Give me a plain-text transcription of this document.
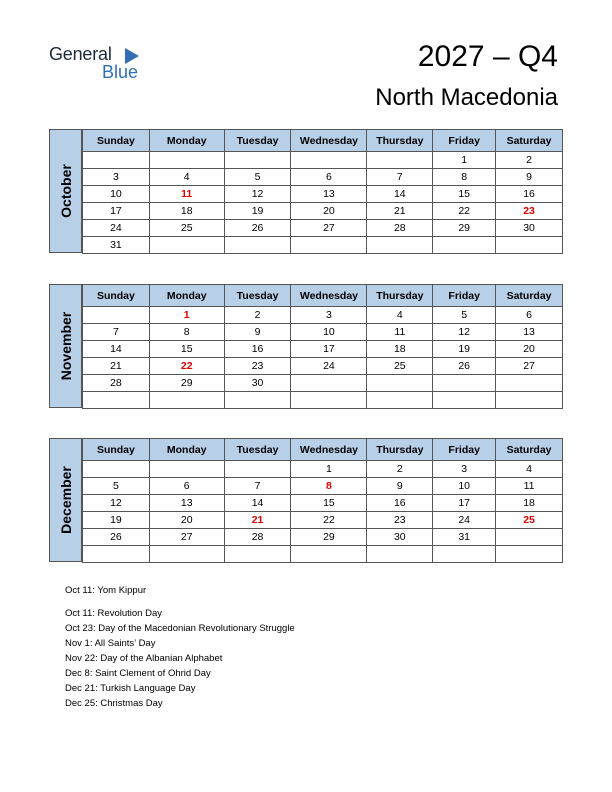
General
Blue	2027 – Q4
North Macedonia
October
Sunday	Monday	Tuesday	Wednesday	Thursday	Friday	Saturday
					1	2
3	4	5	6	7	8	9
10	11	12	13	14	15	16
17	18	19	20	21	22	23
24	25	26	27	28	29	30
31						
November
Sunday	Monday	Tuesday	Wednesday	Thursday	Friday	Saturday
	1	2	3	4	5	6
7	8	9	10	11	12	13
14	15	16	17	18	19	20
21	22	23	24	25	26	27
28	29	30				

December
Sunday	Monday	Tuesday	Wednesday	Thursday	Friday	Saturday
			1	2	3	4
5	6	7	8	9	10	11
12	13	14	15	16	17	18
19	20	21	22	23	24	25
26	27	28	29	30	31	

Oct 11: Yom Kippur
Oct 11: Revolution Day
Oct 23: Day of the Macedonian Revolutionary Struggle
Nov 1: All Saints’ Day
Nov 22: Day of the Albanian Alphabet
Dec 8: Saint Clement of Ohrid Day
Dec 21: Turkish Language Day
Dec 25: Christmas Day
